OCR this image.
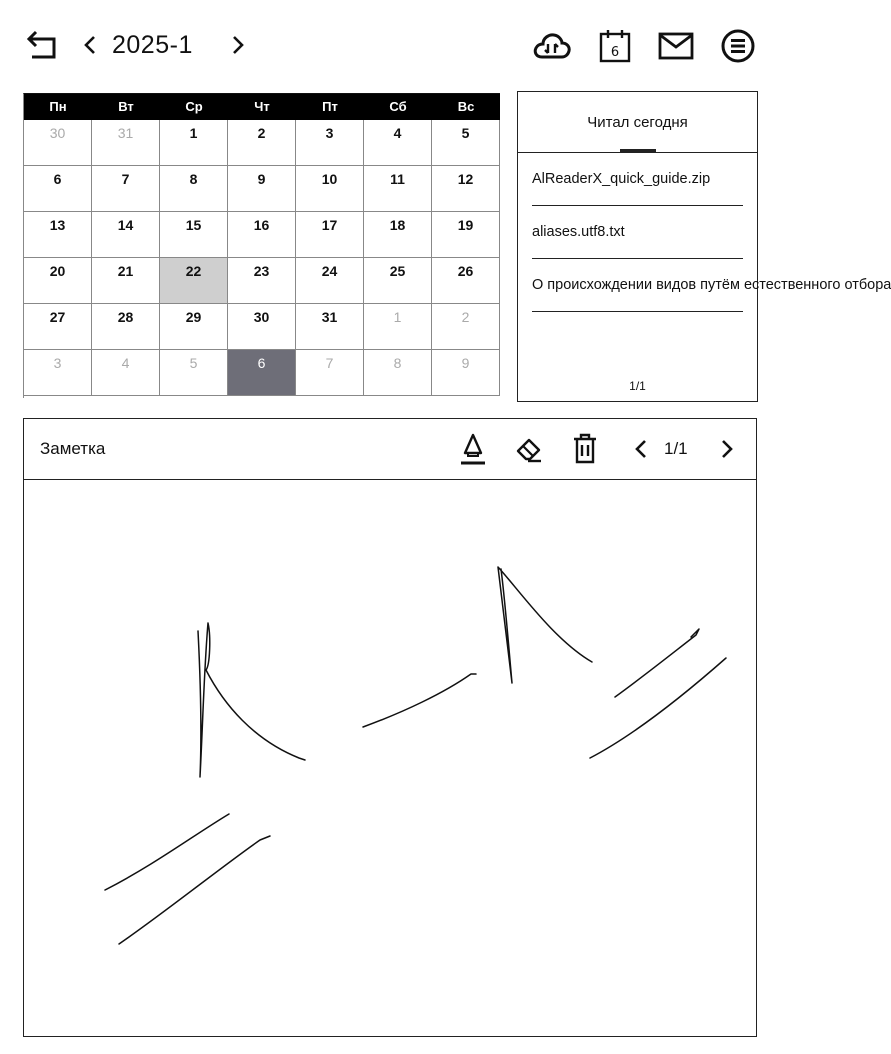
2025-1	6
Пн	Вт	Ср	Чт	Пт	Сб	Вс
30	31	1	2	3	4	5
6	7	8	9	10	11	12
13	14	15	16	17	18	19
20	21	22	23	24	25	26
27	28	29	30	31	1	2
3	4	5	6	7	8	9
Читал сегодня
AlReaderX_quick_guide.zip
aliases.utf8.txt
О происхождении видов путём естественного отбора
1/1
Заметка	1/1
